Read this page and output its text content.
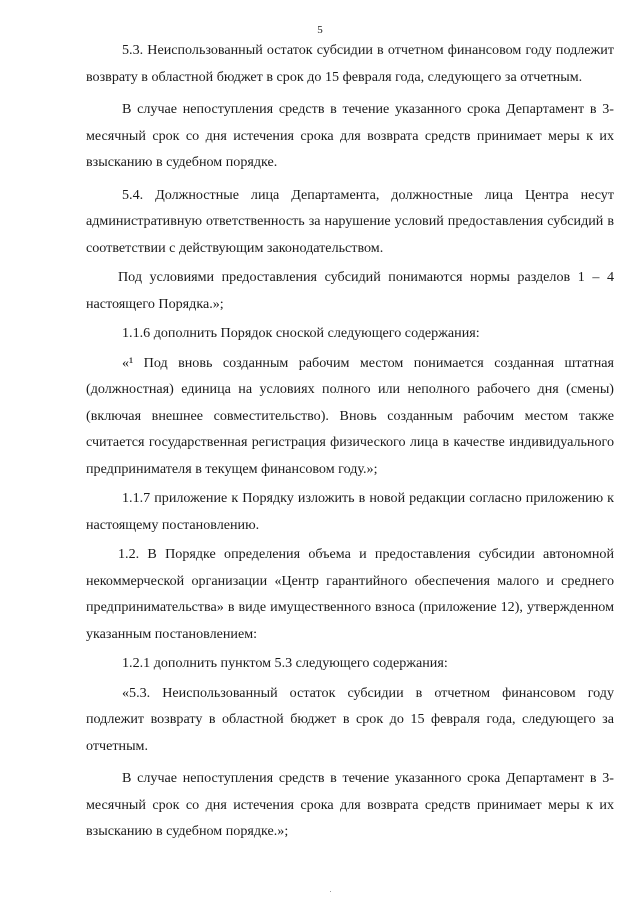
5

5.3. Неиспользованный остаток субсидии в отчетном финансовом году подлежит возврату в областной бюджет в срок до 15 февраля года, следующего за отчетным.

В случае непоступления средств в течение указанного срока Департамент в 3-месячный срок со дня истечения срока для возврата средств принимает меры к их взысканию в судебном порядке.

5.4. Должностные лица Департамента, должностные лица Центра несут административную ответственность за нарушение условий предоставления субсидий в соответствии с действующим законодательством.

Под условиями предоставления субсидий понимаются нормы разделов 1 – 4 настоящего Порядка.»;

1.1.6 дополнить Порядок сноской следующего содержания:

«¹ Под вновь созданным рабочим местом понимается созданная штатная (должностная) единица на условиях полного или неполного рабочего дня (смены) (включая внешнее совместительство). Вновь созданным рабочим местом также считается государственная регистрация физического лица в качестве индивидуального предпринимателя в текущем финансовом году.»;

1.1.7 приложение к Порядку изложить в новой редакции согласно приложению к настоящему постановлению.

1.2. В Порядке определения объема и предоставления субсидии автономной некоммерческой организации «Центр гарантийного обеспечения малого и среднего предпринимательства» в виде имущественного взноса (приложение 12), утвержденном указанным постановлением:

1.2.1 дополнить пунктом 5.3 следующего содержания:

«5.3. Неиспользованный остаток субсидии в отчетном финансовом году подлежит возврату в областной бюджет в срок до 15 февраля года, следующего за отчетным.

В случае непоступления средств в течение указанного срока Департамент в 3-месячный срок со дня истечения срока для возврата средств принимает меры к их взысканию в судебном порядке.»;
